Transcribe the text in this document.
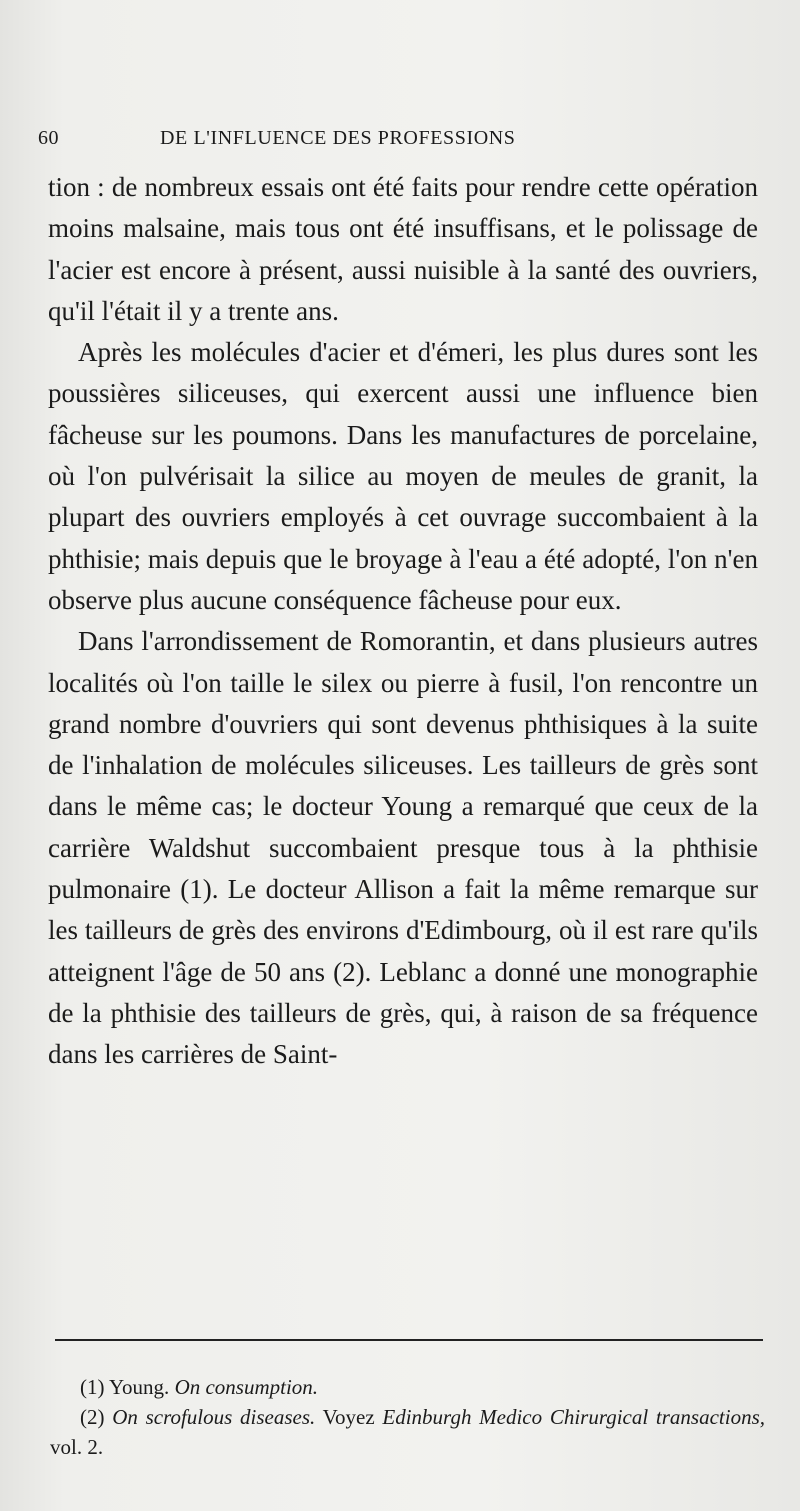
60	DE L'INFLUENCE DES PROFESSIONS

tion : de nombreux essais ont été faits pour rendre cette opération moins malsaine, mais tous ont été insuffisans, et le polissage de l'acier est encore à présent, aussi nuisible à la santé des ouvriers, qu'il l'était il y a trente ans.

Après les molécules d'acier et d'émeri, les plus dures sont les poussières siliceuses, qui exercent aussi une influence bien fâcheuse sur les poumons. Dans les manufactures de porcelaine, où l'on pulvérisait la silice au moyen de meules de granit, la plupart des ouvriers employés à cet ouvrage succombaient à la phthisie; mais depuis que le broyage à l'eau a été adopté, l'on n'en observe plus aucune conséquence fâcheuse pour eux.

Dans l'arrondissement de Romorantin, et dans plusieurs autres localités où l'on taille le silex ou pierre à fusil, l'on rencontre un grand nombre d'ouvriers qui sont devenus phthisiques à la suite de l'inhalation de molécules siliceuses. Les tailleurs de grès sont dans le même cas; le docteur Young a remarqué que ceux de la carrière Waldshut succombaient presque tous à la phthisie pulmonaire (1). Le docteur Allison a fait la même remarque sur les tailleurs de grès des environs d'Edimbourg, où il est rare qu'ils atteignent l'âge de 50 ans (2). Leblanc a donné une monographie de la phthisie des tailleurs de grès, qui, à raison de sa fréquence dans les carrières de Saint-

(1) Young. On consumption.

(2) On scrofulous diseases. Voyez Edinburgh Medico Chirurgical transactions, vol. 2.
